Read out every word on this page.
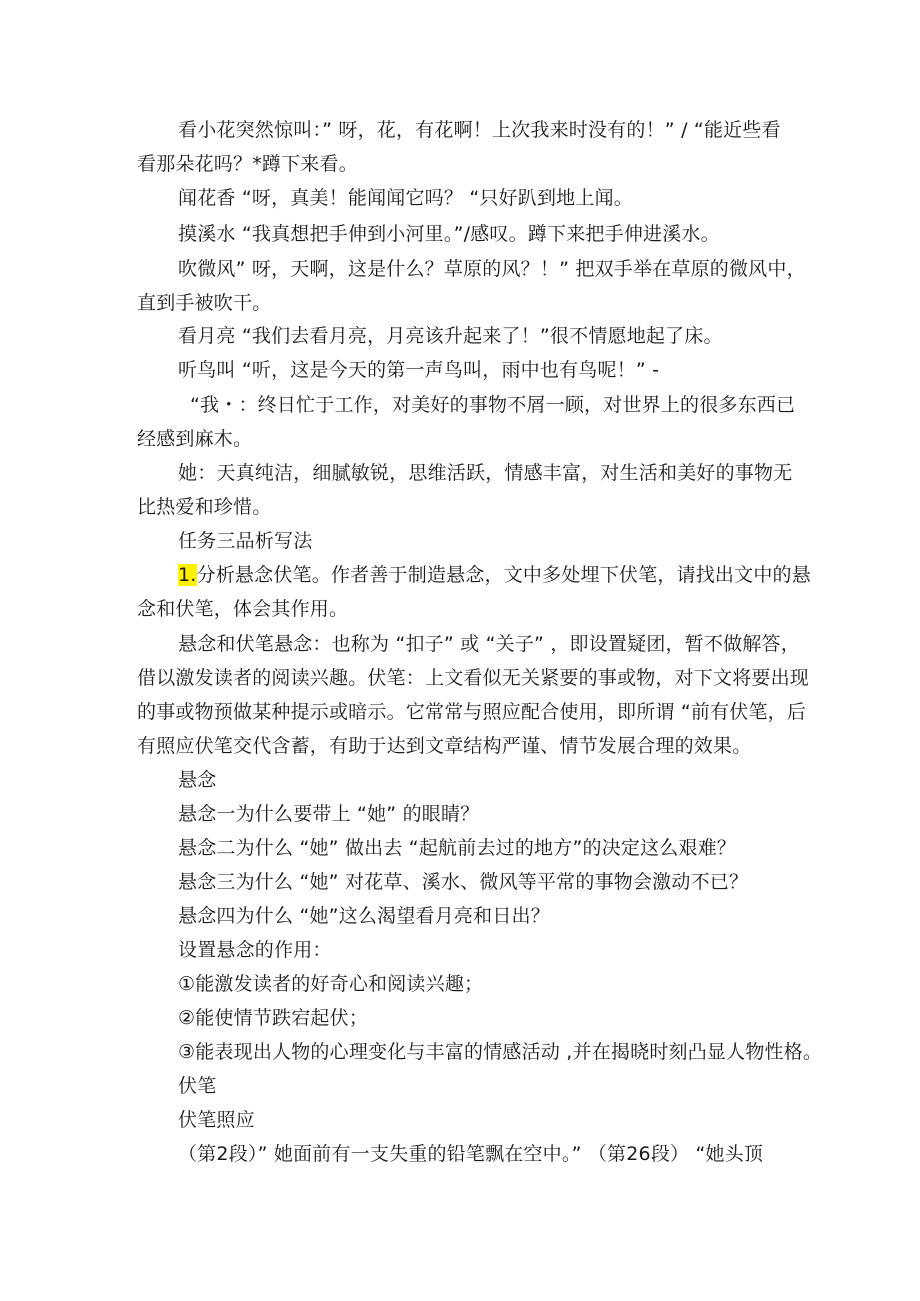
看小花突然惊叫：” 呀，花，有花啊！上次我来时没有的！” / “能近些看
看那朵花吗？*蹲下来看。
闻花香 “呀，真美！能闻闻它吗？ “只好趴到地上闻。
摸溪水 “我真想把手伸到小河里。”/感叹。蹲下来把手伸进溪水。
吹微风” 呀，天啊，这是什么？草原的风？！” 把双手举在草原的微风中，
直到手被吹干。
看月亮 “我们去看月亮，月亮该升起来了！”很不情愿地起了床。
听鸟叫 “听，这是今天的第一声鸟叫，雨中也有鸟呢！” -
“我・：终日忙于工作，对美好的事物不屑一顾，对世界上的很多东西已
经感到麻木。
她：天真纯洁，细腻敏锐，思维活跃，情感丰富，对生活和美好的事物无
比热爱和珍惜。
任务三品析写法
1.分析悬念伏笔。作者善于制造悬念，文中多处埋下伏笔，请找出文中的悬
念和伏笔，体会其作用。
悬念和伏笔悬念：也称为 “扣子” 或 “关子” ，即设置疑团，暂不做解答，
借以激发读者的阅读兴趣。伏笔：上文看似无关紧要的事或物，对下文将要出现
的事或物预做某种提示或暗示。它常常与照应配合使用，即所谓 “前有伏笔，后
有照应伏笔交代含蓄，有助于达到文章结构严谨、情节发展合理的效果。
悬念
悬念一为什么要带上 “她” 的眼睛？
悬念二为什么 “她” 做出去 “起航前去过的地方”的决定这么艰难？
悬念三为什么 “她” 对花草、溪水、微风等平常的事物会激动不已？
悬念四为什么 “她”这么渴望看月亮和日出？
设置悬念的作用：
①能激发读者的好奇心和阅读兴趣；
②能使情节跌宕起伏；
③能表现出人物的心理变化与丰富的情感活动 ,并在揭晓时刻凸显人物性格。
伏笔
伏笔照应
（第2段）” 她面前有一支失重的铅笔飘在空中。” （第26段） “她头顶
